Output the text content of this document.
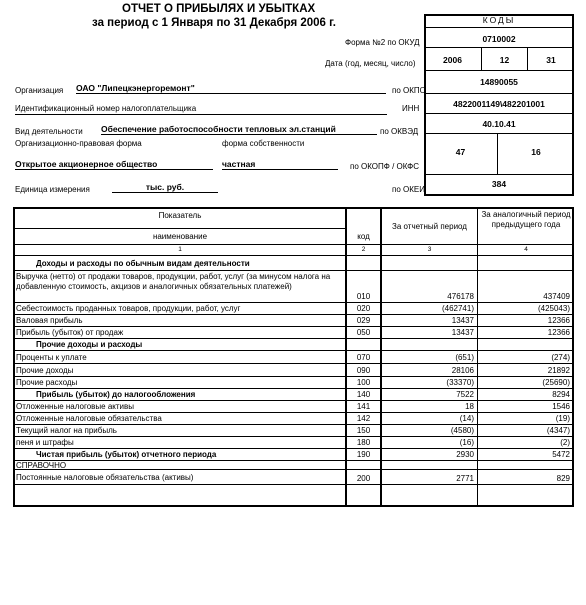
ОТЧЕТ О ПРИБЫЛЯХ И УБЫТКАХ
за период с 1 Января по 31 Декабря 2006 г.	КОДЫ
Форма №2 по ОКУД	0710002
Дата (год, месяц, число)	2006	12	31
Организация ОАО "Липецкэнергоремонт"	по ОКПО
14890055
Идентификационный номер налогоплательщика	ИНН	4822001149\482201001
Вид деятельности Обеспечение работоспособности тепловых эл.станций	по ОКВЭД
40.10.41
Организационно-правовая форма	форма собственности
Открытое акционерное общество	частная	по ОКОПФ / ОКФС
47	16
Единица измерения	тыс. руб.	по ОКЕИ
384
Показатель
наименование	код
За отчетный период
За аналогичный период предыдущего года
1	2	3	4
Доходы и расходы по обычным видам деятельности
Выручка (нетто) от продажи товаров, продукции, работ, услуг (за минусом налога на добавленную стоимость, акцизов и аналогичных обязательных платежей)
010	476178	437409
Себестоимость проданных товаров, продукции, работ, услуг	020	(462741)	(425043)
Валовая прибыль	029	13437	12366
Прибыль (убыток) от продаж	050	13437	12366
Прочие доходы и расходы
Проценты к уплате	070	(651)	(274)
Прочие доходы	090	28106	21892
Прочие расходы	100	(33370)	(25690)
Прибыль (убыток) до налогообложения	140	7522	8294
Отложенные налоговые активы	141	18	1546
Отложенные налоговые обязательства	142	(14)	(19)
Текущий налог на прибыль	150	(4580)	(4347)
пеня и штрафы	180	(16)	(2)
Чистая прибыль (убыток) отчетного периода	190	2930	5472
СПРАВОЧНО
Постоянные налоговые обязательства (активы)	200	2771	829
